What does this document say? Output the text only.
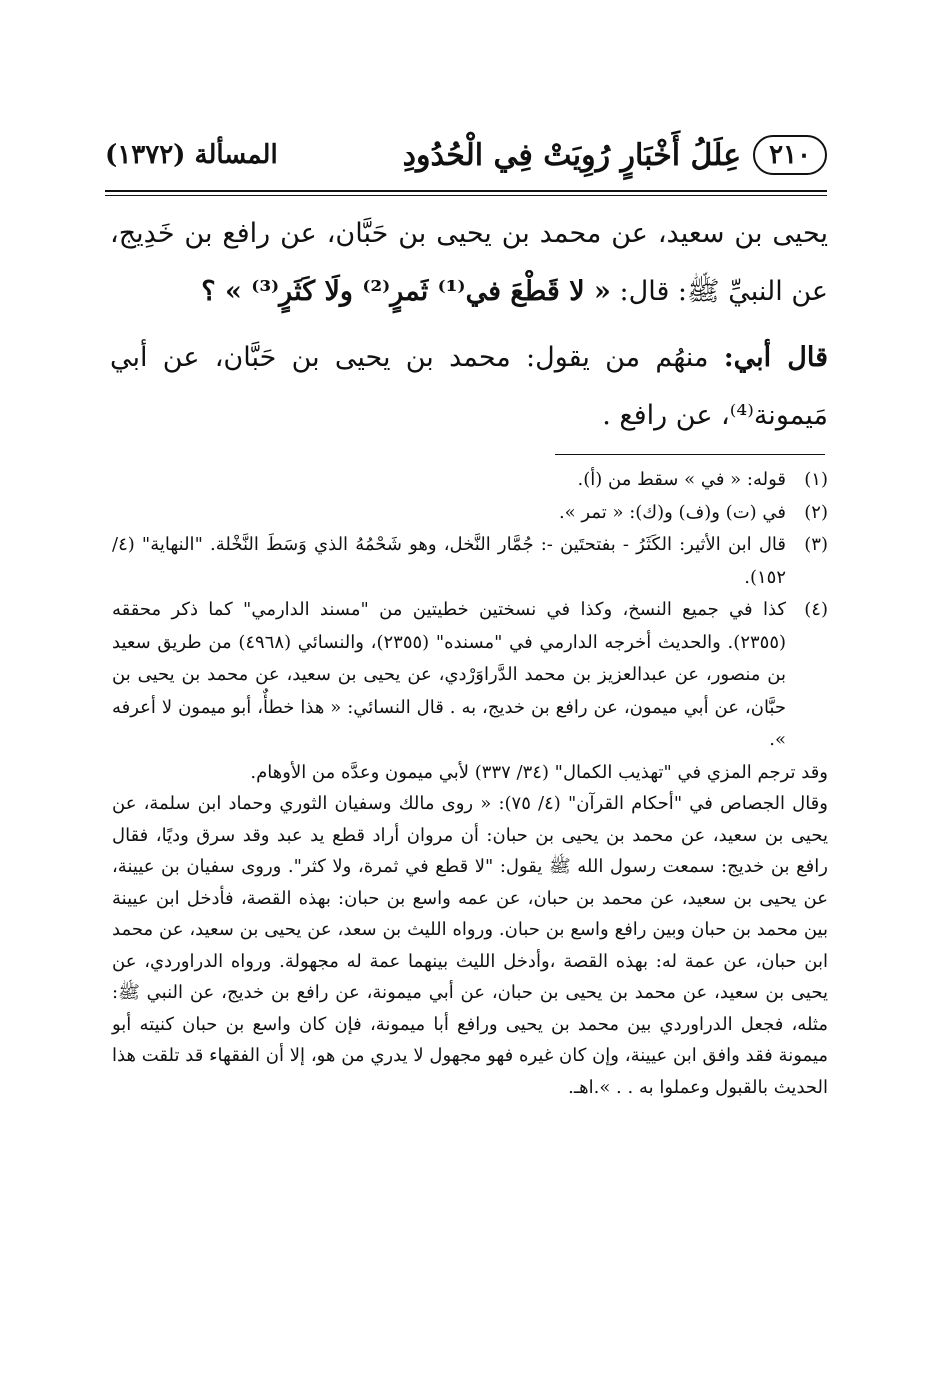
٢١٠
عِلَلُ أَخْبَارٍ رُوِيَتْ فِي الْحُدُودِ
المسألة (١٣٧٢)

يحيى بن سعيد، عن محمد بن يحيى بن حَبَّان، عن رافع بن خَدِيج، عن النبيِّ ﷺ: قال: « لا قَطْعَ في⁽¹⁾ ثَمرٍ⁽²⁾ ولَا كَثَرٍ⁽³⁾ » ؟

قال أبي: منهُم من يقول: محمد بن يحيى بن حَبَّان، عن أبي مَيمونة⁽⁴⁾، عن رافع .

(١)
قوله: « في » سقط من (أ).
(٢)
في (ت) و(ف) و(ك): « تمر ».
(٣)
قال ابن الأثير: الكَثَرُ - بفتحتَين -: جُمَّار النَّخل، وهو شَحْمُهُ الذي وَسَطَ النَّخْلة. "النهاية" (٤/ ١٥٢).
(٤)
كذا في جميع النسخ، وكذا في نسختين خطيتين من "مسند الدارمي" كما ذكر محققه (٢٣٥٥). والحديث أخرجه الدارمي في "مسنده" (٢٣٥٥)، والنسائي (٤٩٦٨) من طريق سعيد بن منصور، عن عبدالعزيز بن محمد الدَّراوَرْدي، عن يحيى بن سعيد، عن محمد بن يحيى بن حبَّان، عن أبي ميمون، عن رافع بن خديج، به . قال النسائي: « هذا خطأٌ، أبو ميمون لا أعرفه ».

وقد ترجم المزي في "تهذيب الكمال" (٣٤/ ٣٣٧) لأبي ميمون وعدَّه من الأوهام.

وقال الجصاص في "أحكام القرآن" (٤/ ٧٥): « روى مالك وسفيان الثوري وحماد ابن سلمة، عن يحيى بن سعيد، عن محمد بن يحيى بن حبان: أن مروان أراد قطع يد عبد وقد سرق وديًا، فقال رافع بن خديج: سمعت رسول الله ﷺ يقول: "لا قطع في ثمرة، ولا كثر". وروى سفيان بن عيينة، عن يحيى بن سعيد، عن محمد بن حبان، عن عمه واسع بن حبان: بهذه القصة، فأدخل ابن عيينة بين محمد بن حبان وبين رافع واسع بن حبان. ورواه الليث بن سعد، عن يحيى بن سعيد، عن محمد ابن حبان، عن عمة له: بهذه القصة ،وأدخل الليث بينهما عمة له مجهولة. ورواه الدراوردي، عن يحيى بن سعيد، عن محمد بن يحيى بن حبان، عن أبي ميمونة، عن رافع بن خديج، عن النبي ﷺ: مثله، فجعل الدراوردي بين محمد بن يحيى ورافع أبا ميمونة، فإن كان واسع بن حبان كنيته أبو ميمونة فقد وافق ابن عيينة، وإن كان غيره فهو مجهول لا يدري من هو، إلا أن الفقهاء قد تلقت هذا الحديث بالقبول وعملوا به . . ».اهـ.
